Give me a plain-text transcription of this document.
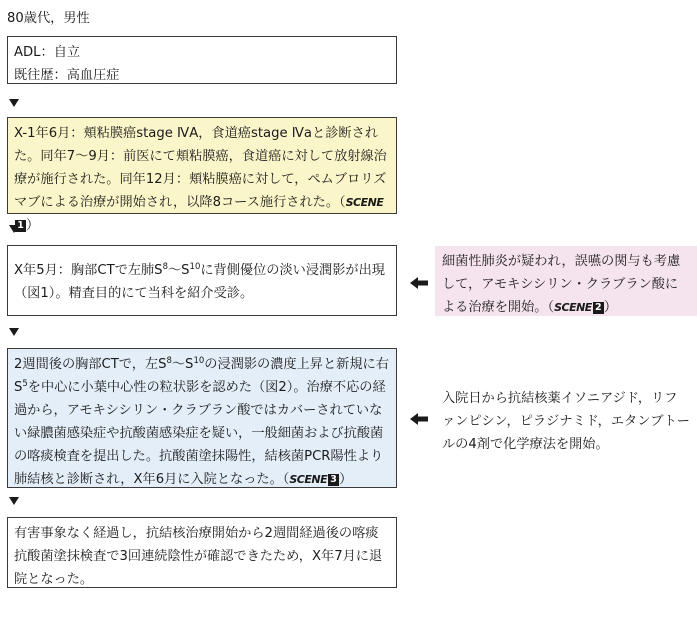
80歳代，男性

ADL：自立

既往歴：高血圧症

X-1年6月：頬粘膜癌stage ⅣA，食道癌stage Ⅳaと診断された。同年7～9月：前医にて頬粘膜癌，食道癌に対して放射線治療が施行された。同年12月：頬粘膜癌に対して，ペムブロリズマブによる治療が開始され，以降8コース施行された。（SCENE1 ）
X年5月：胸部CTで左肺$S^8\sim S^{10}$に背側優位の淡い浸潤影が出現（図1）。精査目的にて当科を紹介受診。
細菌性肺炎が疑われ，誤嚥の関与も考慮して，アモキシシリン・クラブラン酸による治療を開始。（SCENE 2 ）
2週間後の胸部CTで，左$S^8\sim S^{10}$の浸潤影の濃度上昇と新規に右$S^5$を中心に小葉中心性の粒状影を認めた（図2）。治療不応の経過から，アモキシシリン・クラブラン酸ではカバーされていない緑膿菌感染症や抗酸菌感染症を疑い，一般細菌および抗酸菌の喀痰検査を提出した。抗酸菌塗抹陽性，結核菌PCR陽性より肺結核と診断され，X年6月に入院となった。（SCENE 3 ）
入院日から抗結核薬イソニアジド，リファンピシン，ピラジナミド，エタンブトールの4剤で化学療法を開始。
有害事象なく経過し，抗結核治療開始から2週間経過後の喀痰抗酸菌塗抹検査で3回連続陰性が確認できたため，X年7月に退院となった。
